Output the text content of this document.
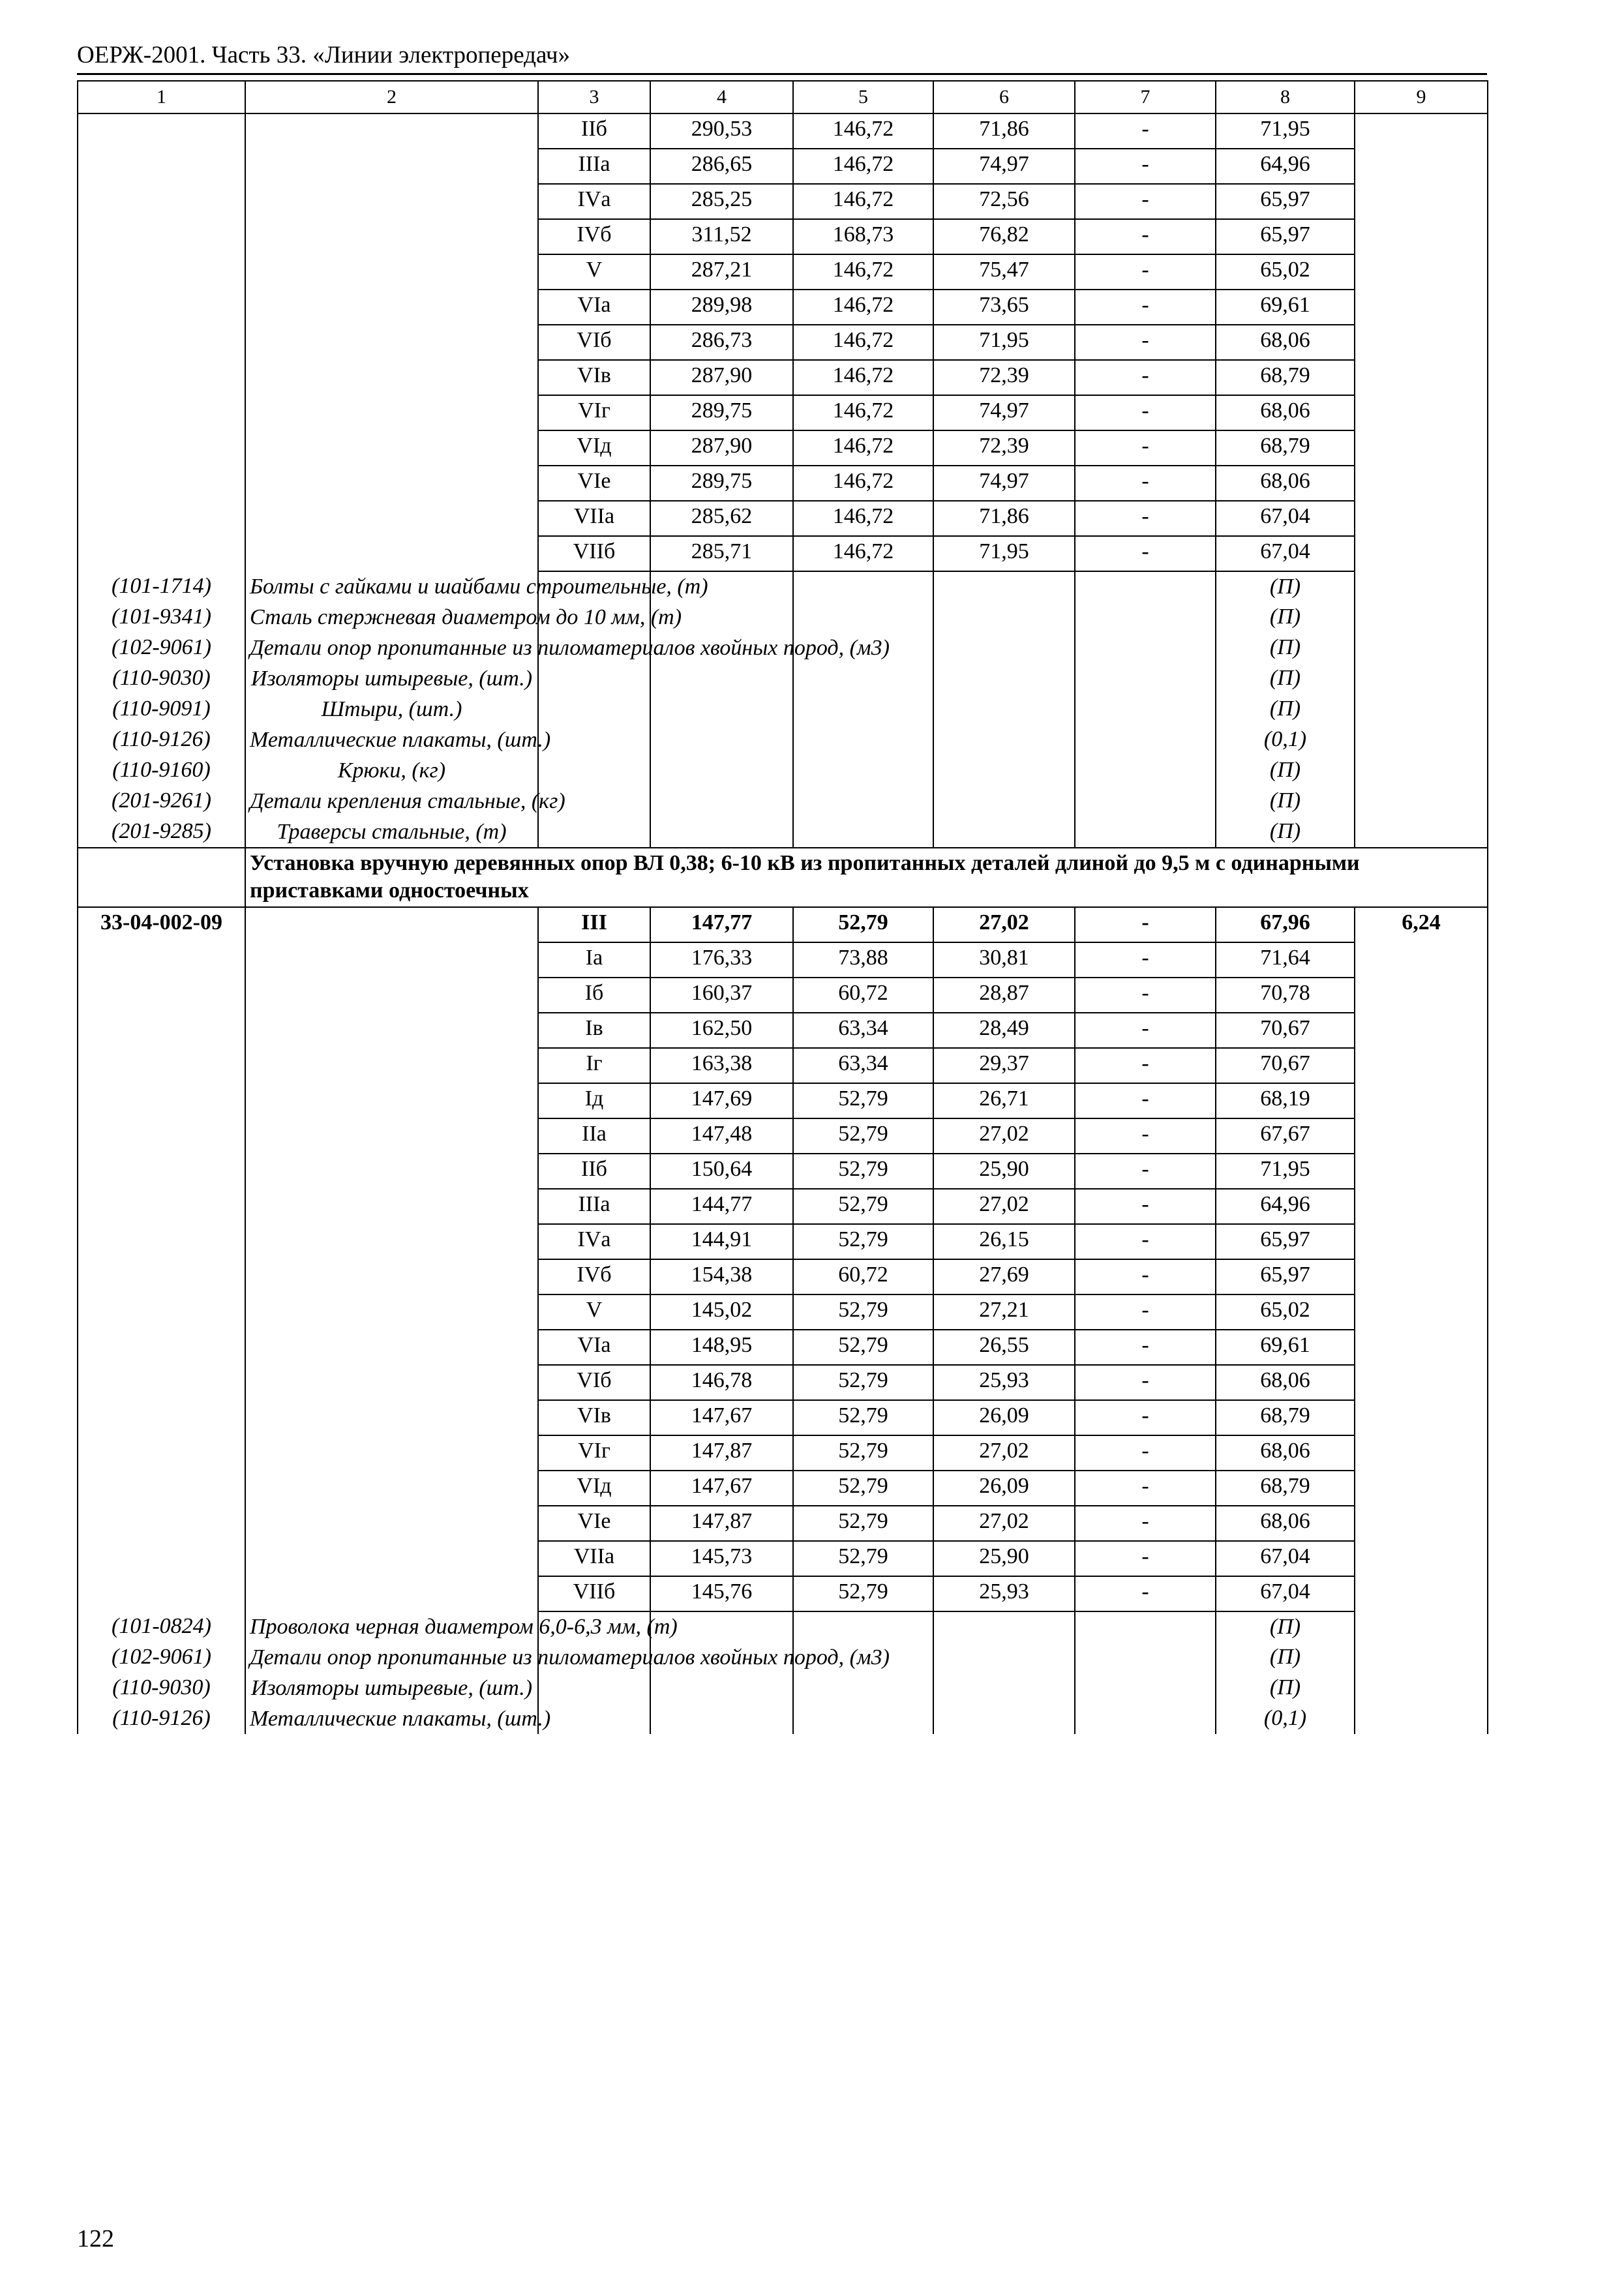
ОЕРЖ-2001. Часть 33. «Линии электропередач»
1	2	3	4	5	6	7	8	9
		IIб	290,53	146,72	71,86	-	71,95	
		IIIа	286,65	146,72	74,97	-	64,96	
		IVа	285,25	146,72	72,56	-	65,97	
		IVб	311,52	168,73	76,82	-	65,97	
		V	287,21	146,72	75,47	-	65,02	
		VIа	289,98	146,72	73,65	-	69,61	
		VIб	286,73	146,72	71,95	-	68,06	
		VIв	287,90	146,72	72,39	-	68,79	
		VIг	289,75	146,72	74,97	-	68,06	
		VIд	287,90	146,72	72,39	-	68,79	
		VIе	289,75	146,72	74,97	-	68,06	
		VIIа	285,62	146,72	71,86	-	67,04	
		VIIб	285,71	146,72	71,95	-	67,04	
(101-1714)	Болты с гайками и шайбами строительные, (т)						(П)	
(101-9341)	Сталь стержневая диаметром до 10 мм, (т)						(П)	
(102-9061)	Детали опор пропитанные из пиломатериалов хвойных пород, (м3)						(П)	
(110-9030)	Изоляторы штыревые, (шт.)						(П)	
(110-9091)	Штыри, (шт.)						(П)	
(110-9126)	Металлические плакаты, (шт.)						(0,1)	
(110-9160)	Крюки, (кг)						(П)	
(201-9261)	Детали крепления стальные, (кг)						(П)	
(201-9285)	Траверсы стальные, (т)						(П)	
	Установка вручную деревянных опор ВЛ 0,38; 6-10 кВ из пропитанных деталей длиной до 9,5 м с одинарными приставками одностоечных							
33-04-002-09		III	147,77	52,79	27,02	-	67,96	6,24
		Iа	176,33	73,88	30,81	-	71,64	
		Iб	160,37	60,72	28,87	-	70,78	
		Iв	162,50	63,34	28,49	-	70,67	
		Iг	163,38	63,34	29,37	-	70,67	
		Iд	147,69	52,79	26,71	-	68,19	
		IIа	147,48	52,79	27,02	-	67,67	
		IIб	150,64	52,79	25,90	-	71,95	
		IIIа	144,77	52,79	27,02	-	64,96	
		IVа	144,91	52,79	26,15	-	65,97	
		IVб	154,38	60,72	27,69	-	65,97	
		V	145,02	52,79	27,21	-	65,02	
		VIа	148,95	52,79	26,55	-	69,61	
		VIб	146,78	52,79	25,93	-	68,06	
		VIв	147,67	52,79	26,09	-	68,79	
		VIг	147,87	52,79	27,02	-	68,06	
		VIд	147,67	52,79	26,09	-	68,79	
		VIе	147,87	52,79	27,02	-	68,06	
		VIIа	145,73	52,79	25,90	-	67,04	
		VIIб	145,76	52,79	25,93	-	67,04	
(101-0824)	Проволока черная диаметром 6,0-6,3 мм, (т)						(П)	
(102-9061)	Детали опор пропитанные из пиломатериалов хвойных пород, (м3)						(П)	
(110-9030)	Изоляторы штыревые, (шт.)						(П)	
(110-9126)	Металлические плакаты, (шт.)						(0,1)	
122
